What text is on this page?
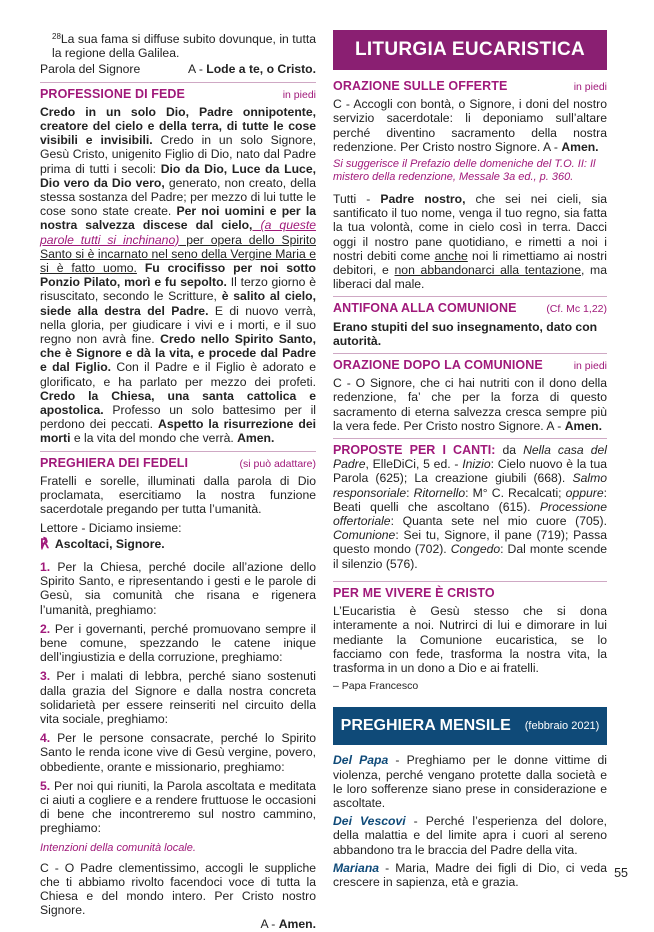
$^{28}$La sua fama si diffuse subito dovunque, in tutta la regione della Galilea.

Parola del Signore	A - Lode a te, o Cristo.
PROFESSIONE DI FEDE	in piedi

Credo in un solo Dio, Padre onnipotente, creatore del cielo e della terra, di tutte le cose visibili e invisibili. Credo in un solo Signore, Gesù Cristo, unigenito Figlio di Dio, nato dal Padre prima di tutti i secoli: Dio da Dio, Luce da Luce, Dio vero da Dio vero, generato, non creato, della stessa sostanza del Padre; per mezzo di lui tutte le cose sono state create. Per noi uomini e per la nostra salvezza discese dal cielo, (a queste parole tutti si inchinano) per opera dello Spirito Santo si è incarnato nel seno della Vergine Maria e si è fatto uomo. Fu crocifisso per noi sotto Ponzio Pilato, morì e fu sepolto. Il terzo giorno è risuscitato, secondo le Scritture, è salito al cielo, siede alla destra del Padre. E di nuovo verrà, nella gloria, per giudicare i vivi e i morti, e il suo regno non avrà fine. Credo nello Spirito Santo, che è Signore e dà la vita, e procede dal Padre e dal Figlio. Con il Padre e il Figlio è adorato e glorificato, e ha parlato per mezzo dei profeti. Credo la Chiesa, una santa cattolica e apostolica. Professo un solo battesimo per il perdono dei peccati. Aspetto la risurrezione dei morti e la vita del mondo che verrà. Amen.

PREGHIERA DEI FEDELI	(si può adattare)

Fratelli e sorelle, illuminati dalla parola di Dio proclamata, esercitiamo la nostra funzione sacerdotale pregando per tutta l’umanità.

Lettore - Diciamo insieme:

℟ Ascoltaci, Signore.

1. Per la Chiesa, perché docile all’azione dello Spirito Santo, e ripresentando i gesti e le parole di Gesù, sia comunità che risana e rigenera l’umanità, preghiamo:

2. Per i governanti, perché promuovano sempre il bene comune, spezzando le catene inique dell’ingiustizia e della corruzione, preghiamo:

3. Per i malati di lebbra, perché siano sostenuti dalla grazia del Signore e dalla nostra concreta solidarietà per essere reinseriti nel circuito della vita sociale, preghiamo:

4. Per le persone consacrate, perché lo Spirito Santo le renda icone vive di Gesù vergine, povero, obbediente, orante e missionario, preghiamo:

5. Per noi qui riuniti, la Parola ascoltata e meditata ci aiuti a cogliere e a rendere fruttuose le occasioni di bene che incontreremo sul nostro cammino, preghiamo:

Intenzioni della comunità locale.

C - O Padre clementissimo, accogli le suppliche che ti abbiamo rivolto facendoci voce di tutta la Chiesa e del mondo intero. Per Cristo nostro Signore.

A - Amen.

LITURGIA EUCARISTICA
ORAZIONE SULLE OFFERTE	in piedi

C - Accogli con bontà, o Signore, i doni del nostro servizio sacerdotale: li deponiamo sull’altare perché diventino sacramento della nostra redenzione. Per Cristo nostro Signore. A - Amen.

Si suggerisce il Prefazio delle domeniche del T.O. II: Il mistero della redenzione, Messale 3a ed., p. 360.

Tutti - Padre nostro, che sei nei cieli, sia santificato il tuo nome, venga il tuo regno, sia fatta la tua volontà, come in cielo così in terra. Dacci oggi il nostro pane quotidiano, e rimetti a noi i nostri debiti come anche noi li rimettiamo ai nostri debitori, e non abbandonarci alla tentazione, ma liberaci dal male.

ANTIFONA ALLA COMUNIONE	(Cf. Mc 1,22)

Erano stupiti del suo insegnamento, dato con autorità.

ORAZIONE DOPO LA COMUNIONE	in piedi

C - O Signore, che ci hai nutriti con il dono della redenzione, fa’ che per la forza di questo sacramento di eterna salvezza cresca sempre più la vera fede. Per Cristo nostro Signore. A - Amen.

PROPOSTE PER I CANTI: da Nella casa del Padre, ElleDiCi, 5 ed. - Inizio: Cielo nuovo è la tua Parola (625); La creazione giubili (668). Salmo responsoriale: Ritornello: M° C. Recalcati; oppure: Beati quelli che ascoltano (615). Processione offertoriale: Quanta sete nel mio cuore (705). Comunione: Sei tu, Signore, il pane (719); Passa questo mondo (702). Congedo: Dal monte scende il silenzio (576).

PER ME VIVERE È CRISTO

L’Eucaristia è Gesù stesso che si dona interamente a noi. Nutrirci di lui e dimorare in lui mediante la Comunione eucaristica, se lo facciamo con fede, trasforma la nostra vita, la trasforma in un dono a Dio e ai fratelli.

– Papa Francesco

PREGHIERA MENSILE (febbraio 2021)

Del Papa - Preghiamo per le donne vittime di violenza, perché vengano protette dalla società e le loro sofferenze siano prese in considerazione e ascoltate.

Dei Vescovi - Perché l’esperienza del dolore, della malattia e del limite apra i cuori al sereno abbandono tra le braccia del Padre della vita.

Mariana - Maria, Madre dei figli di Dio, ci veda crescere in sapienza, età e grazia.

55
